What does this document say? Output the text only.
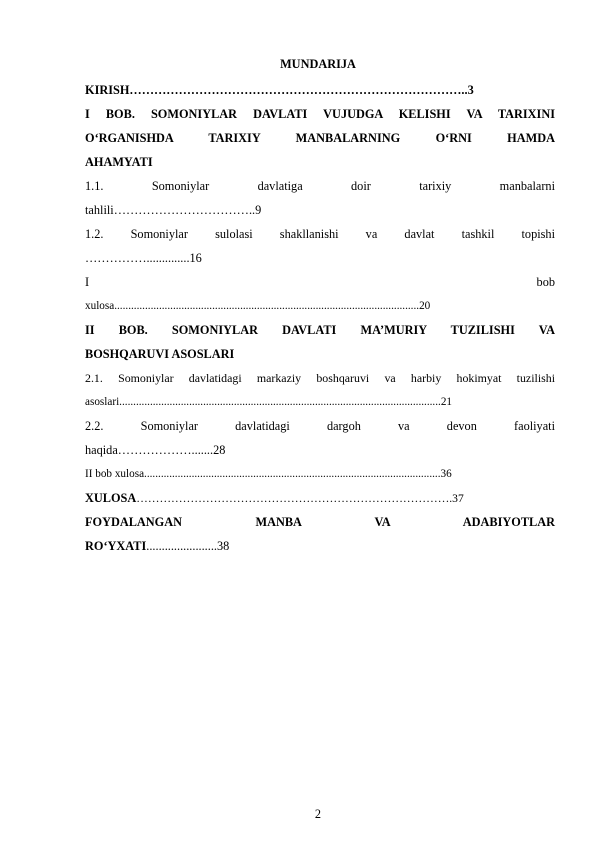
MUNDARIJA
KIRISH………………………………………………………………………..3
I BOB. SOMONIYLAR DAVLATI VUJUDGA KELISHI VA TARIXINI
O‘RGANISHDA TARIXIY MANBALARNING O‘RNI HAMDA
AHAMYATI
1.1. Somoniylar davlatiga doir tarixiy manbalarni
tahlili……………………………..9
1.2. Somoniylar sulolasi shakllanishi va davlat tashkil topishi
……………..............16
I bob
xulosa.............................................................................................................20
II BOB. SOMONIYLAR DAVLATI MA’MURIY TUZILISHI VA
BOSHQARUVI ASOSLARI
2.1. Somoniylar davlatidagi markaziy boshqaruvi va harbiy hokimyat tuzilishi
asoslari...................................................................................................................21
2.2. Somoniylar davlatidagi dargoh va devon faoliyati
haqida……………….......28
II bob xulosa..........................................................................................................36
XULOSA……………………………………………………………………….37
FOYDALANGAN MANBA VA ADABIYOTLAR
RO‘YXATI.......................38
2
